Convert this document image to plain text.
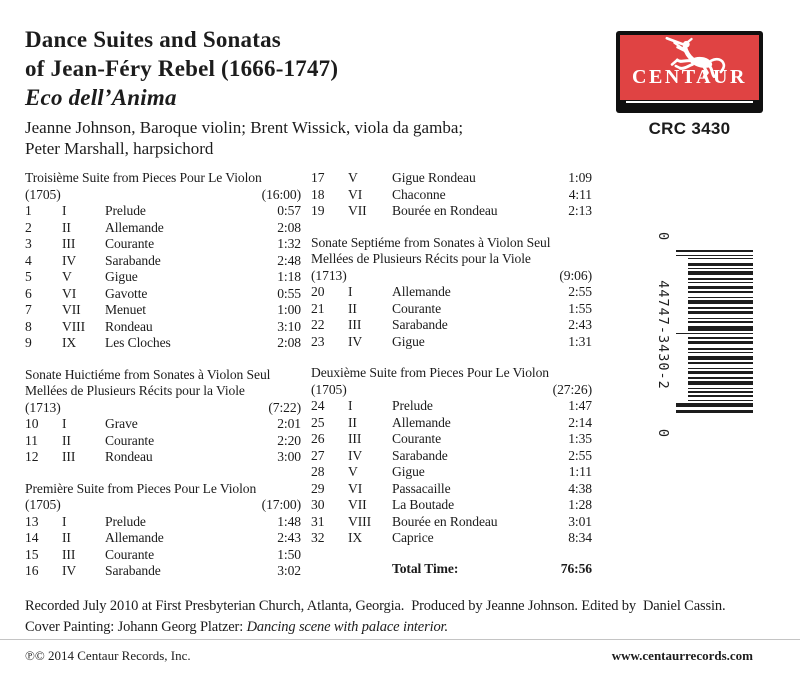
Dance Suites and Sonatas
of Jean-Féry Rebel (1666-1747)
Eco dell’Anima
Jeanne Johnson, Baroque violin; Brent Wissick, viola da gamba;
Peter Marshall, harpsichord
CENTAUR
CRC 3430
0
44747-3430-2
0
Troisième Suite from Pieces Pour Le Violon
(1705)	(16:00)
1	I	Prelude	0:57
2	II	Allemande	2:08
3	III	Courante	1:32
4	IV	Sarabande	2:48
5	V	Gigue	1:18
6	VI	Gavotte	0:55
7	VII	Menuet	1:00
8	VIII	Rondeau	3:10
9	IX	Les Cloches	2:08
Sonate Huictiéme from Sonates à Violon Seul
Mellées de Plusieurs Récits pour la Viole
(1713)	(7:22)
10	I	Grave	2:01
11	II	Courante	2:20
12	III	Rondeau	3:00
Première Suite from Pieces Pour Le Violon
(1705)	(17:00)
13	I	Prelude	1:48
14	II	Allemande	2:43
15	III	Courante	1:50
16	IV	Sarabande	3:02
17	V	Gigue Rondeau	1:09
18	VI	Chaconne	4:11
19	VII	Bourée en Rondeau	2:13
Sonate Septiéme from Sonates à Violon Seul
Mellées de Plusieurs Récits pour la Viole
(1713)	(9:06)
20	I	Allemande	2:55
21	II	Courante	1:55
22	III	Sarabande	2:43
23	IV	Gigue	1:31
Deuxième Suite from Pieces Pour Le Violon
(1705)	(27:26)
24	I	Prelude	1:47
25	II	Allemande	2:14
26	III	Courante	1:35
27	IV	Sarabande	2:55
28	V	Gigue	1:11
29	VI	Passacaille	4:38
30	VII	La Boutade	1:28
31	VIII	Bourée en Rondeau	3:01
32	IX	Caprice	8:34
Total Time:	76:56
Recorded July 2010 at First Presbyterian Church, Atlanta, Georgia.  Produced by Jeanne Johnson. Edited by  Daniel Cassin.
Cover Painting: Johann Georg Platzer: Dancing scene with palace interior.
℗© 2014 Centaur Records, Inc.	www.centaurrecords.com
